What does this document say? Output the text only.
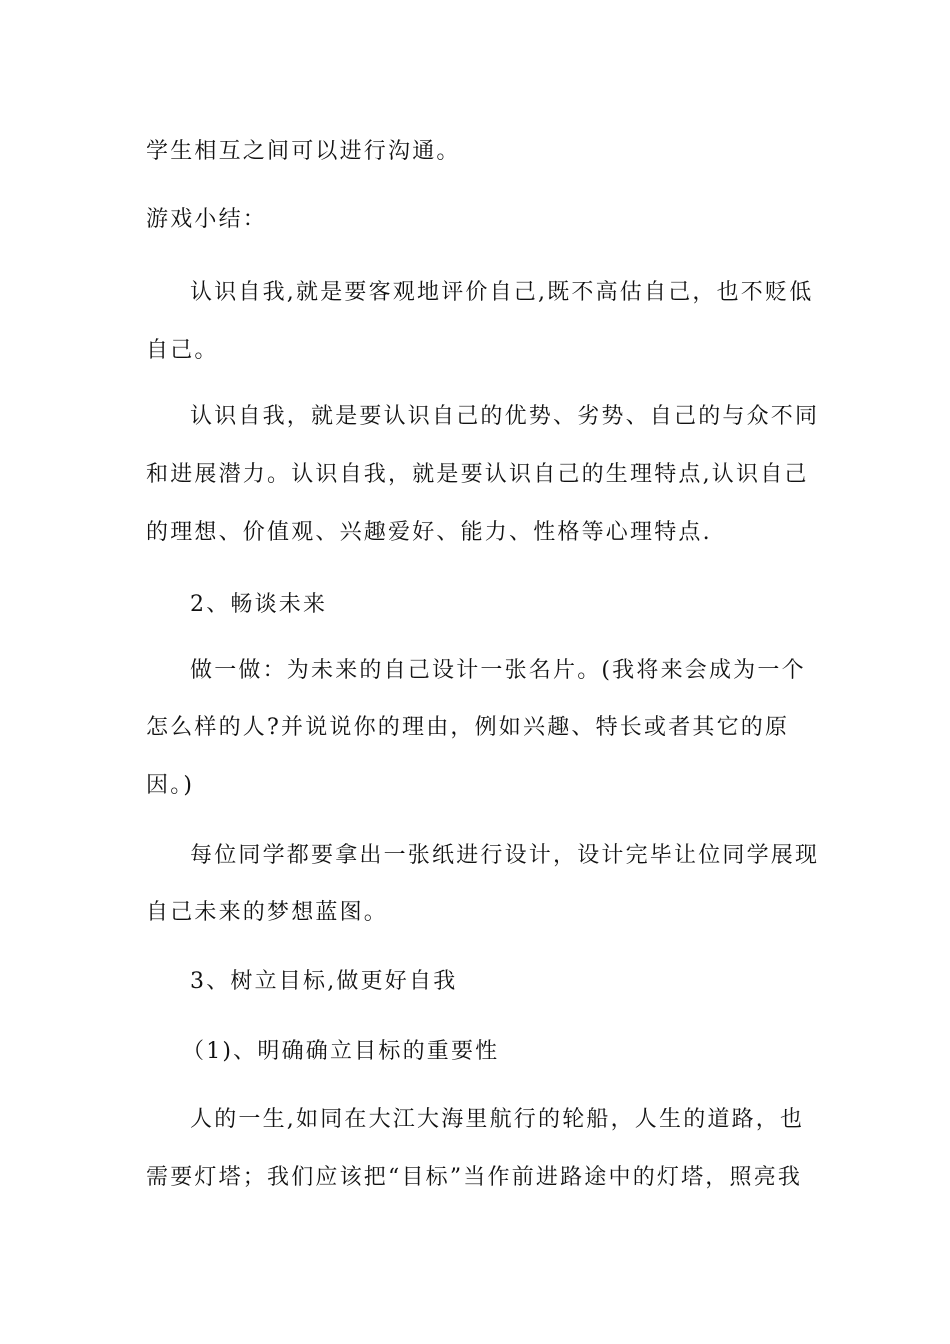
学生相互之间可以进行沟通。
游戏小结：
认识自我,就是要客观地评价自己,既不高估自己，也不贬低
自己。
认识自我，就是要认识自己的优势、劣势、自己的与众不同
和进展潜力。认识自我，就是要认识自己的生理特点,认识自己
的理想、价值观、兴趣爱好、能力、性格等心理特点.
2、畅谈未来
做一做：为未来的自己设计一张名片。(我将来会成为一个
怎么样的人?并说说你的理由，例如兴趣、特长或者其它的原
因。)
每位同学都要拿出一张纸进行设计，设计完毕让位同学展现
自己未来的梦想蓝图。
3、树立目标,做更好自我
（1)、明确确立目标的重要性
人的一生,如同在大江大海里航行的轮船，人生的道路，也
需要灯塔；我们应该把“目标”当作前进路途中的灯塔，照亮我
